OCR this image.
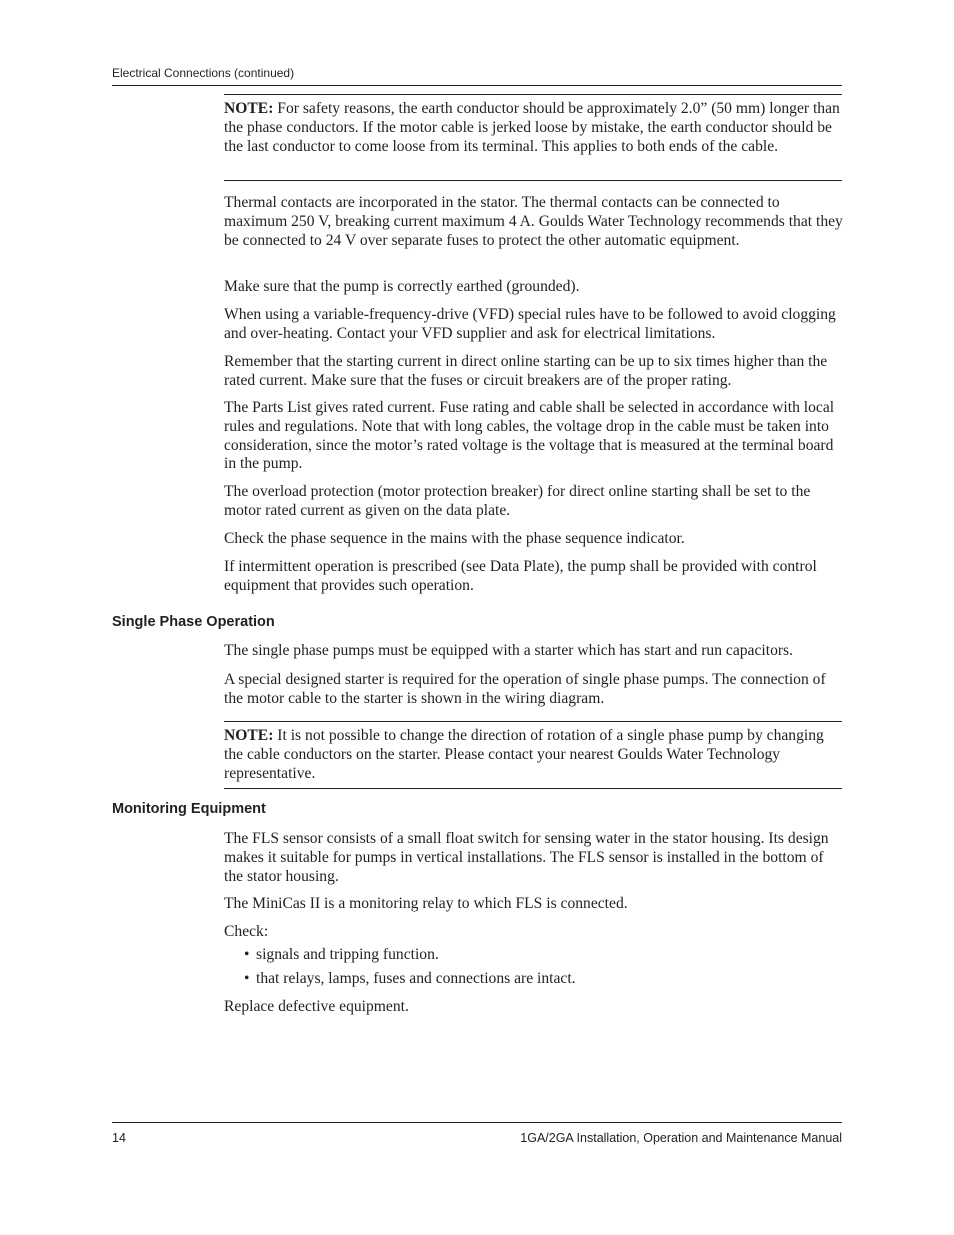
Electrical Connections (continued)

NOTE: For safety reasons, the earth conductor should be approximately 2.0” (50 mm) longer than the phase conductors. If the motor cable is jerked loose by mistake, the earth conductor should be the last conductor to come loose from its terminal. This applies to both ends of the cable.

Thermal contacts are incorporated in the stator. The thermal contacts can be connected to maximum 250 V, breaking current maximum 4 A. Goulds Water Technology recommends that they be connected to 24 V over separate fuses to protect the other automatic equipment.
Make sure that the pump is correctly earthed (grounded).
When using a variable-frequency-drive (VFD) special rules have to be followed to avoid clogging and over-heating. Contact your VFD supplier and ask for electrical limitations.
Remember that the starting current in direct online starting can be up to six times higher than the rated current. Make sure that the fuses or circuit breakers are of the proper rating.
The Parts List gives rated current. Fuse rating and cable shall be selected in accordance with local rules and regulations. Note that with long cables, the voltage drop in the cable must be taken into consideration, since the motor’s rated voltage is the voltage that is measured at the terminal board in the pump.
The overload protection (motor protection breaker) for direct online starting shall be set to the motor rated current as given on the data plate.
Check the phase sequence in the mains with the phase sequence indicator.
If intermittent operation is prescribed (see Data Plate), the pump shall be provided with control equipment that provides such operation.
Single Phase Operation
The single phase pumps must be equipped with a starter which has start and run capacitors.
A special designed starter is required for the operation of single phase pumps. The connection of the motor cable to the starter is shown in the wiring diagram.

NOTE: It is not possible to change the direction of rotation of a single phase pump by changing the cable conductors on the starter. Please contact your nearest Goulds Water Technology representative.

Monitoring Equipment
The FLS sensor consists of a small float switch for sensing water in the stator housing. Its design makes it suitable for pumps in vertical installations. The FLS sensor is installed in the bottom of the stator housing.
The MiniCas II is a monitoring relay to which FLS is connected.
Check:
• signals and tripping function.
• that relays, lamps, fuses and connections are intact.
Replace defective equipment.
14	1GA/2GA Installation, Operation and Maintenance Manual
